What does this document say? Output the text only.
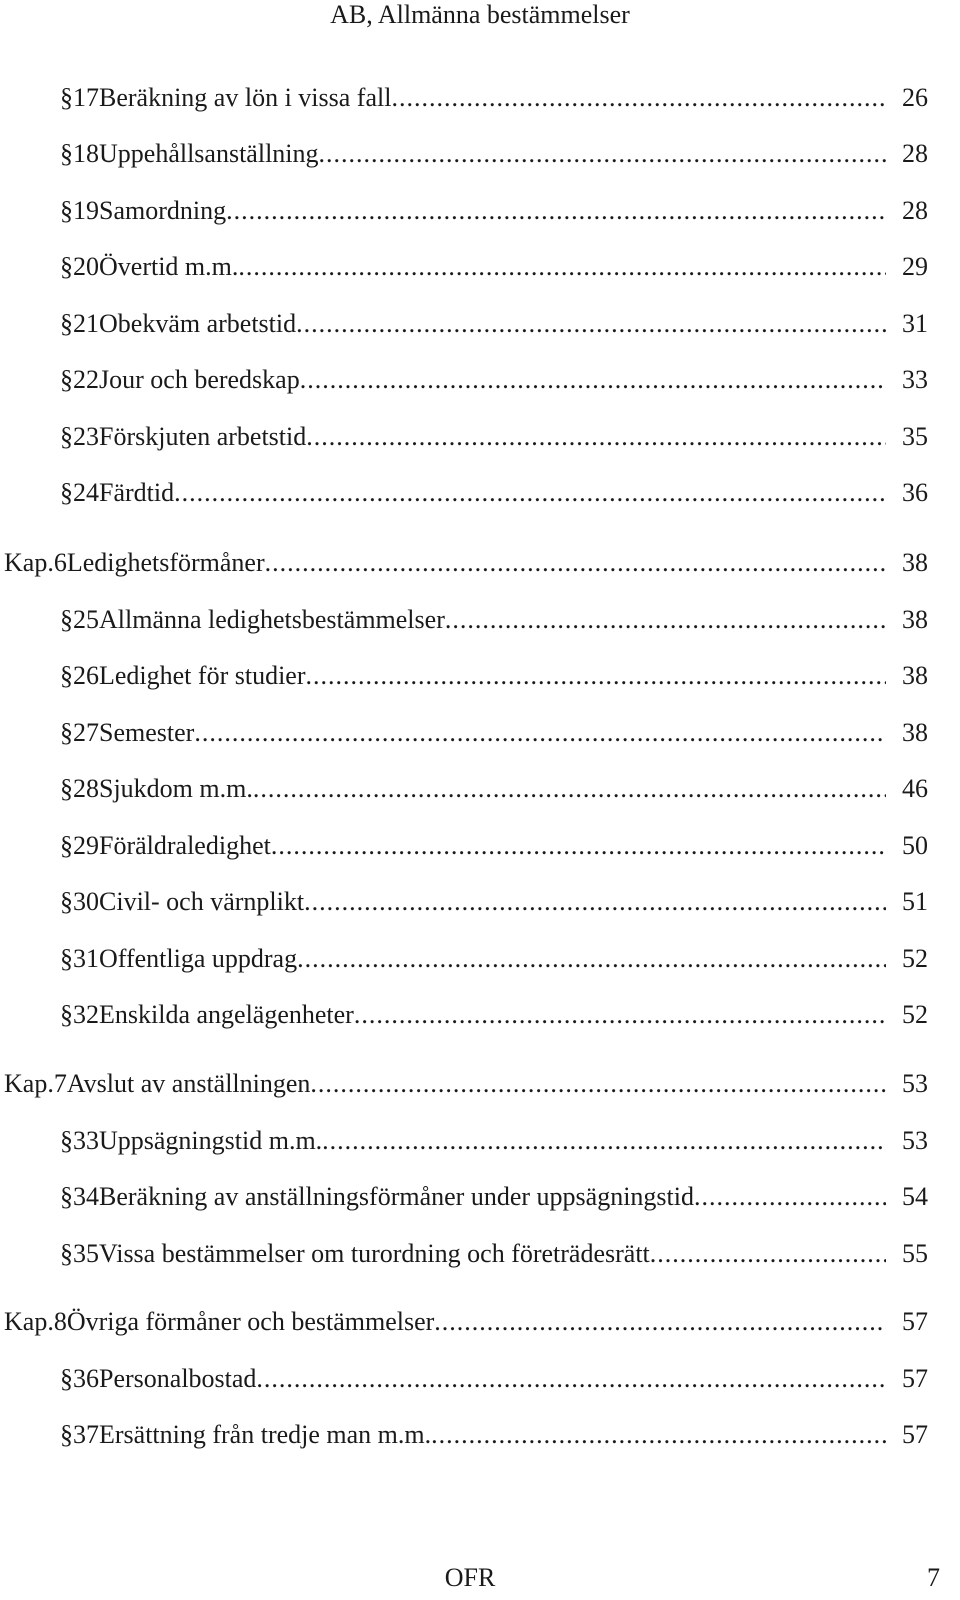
AB, Allmänna bestämmelser
§ 17 Beräkning av lön i vissa fall .....	26
§ 18 Uppehållsanställning .....	28
§ 19 Samordning .....	28
§ 20 Övertid m.m. .....	29
§ 21 Obekväm arbetstid .....	31
§ 22 Jour och beredskap .....	33
§ 23 Förskjuten arbetstid .....	35
§ 24 Färdtid .....	36
Kap. 6 Ledighetsförmåner .....	38
§ 25 Allmänna ledighetsbestämmelser .....	38
§ 26 Ledighet för studier .....	38
§ 27 Semester .....	38
§ 28 Sjukdom m.m. .....	46
§ 29 Föräldraledighet .....	50
§ 30 Civil- och värnplikt .....	51
§ 31 Offentliga uppdrag .....	52
§ 32 Enskilda angelägenheter .....	52
Kap. 7 Avslut av anställningen .....	53
§ 33 Uppsägningstid m.m. .....	53
§ 34 Beräkning av anställningsförmåner under uppsägningstid .....	54
§ 35 Vissa bestämmelser om turordning och företrädesrätt .....	55
Kap. 8 Övriga förmåner och bestämmelser .....	57
§ 36 Personalbostad .....	57
§ 37 Ersättning från tredje man m.m. .....	57
OFR	7
